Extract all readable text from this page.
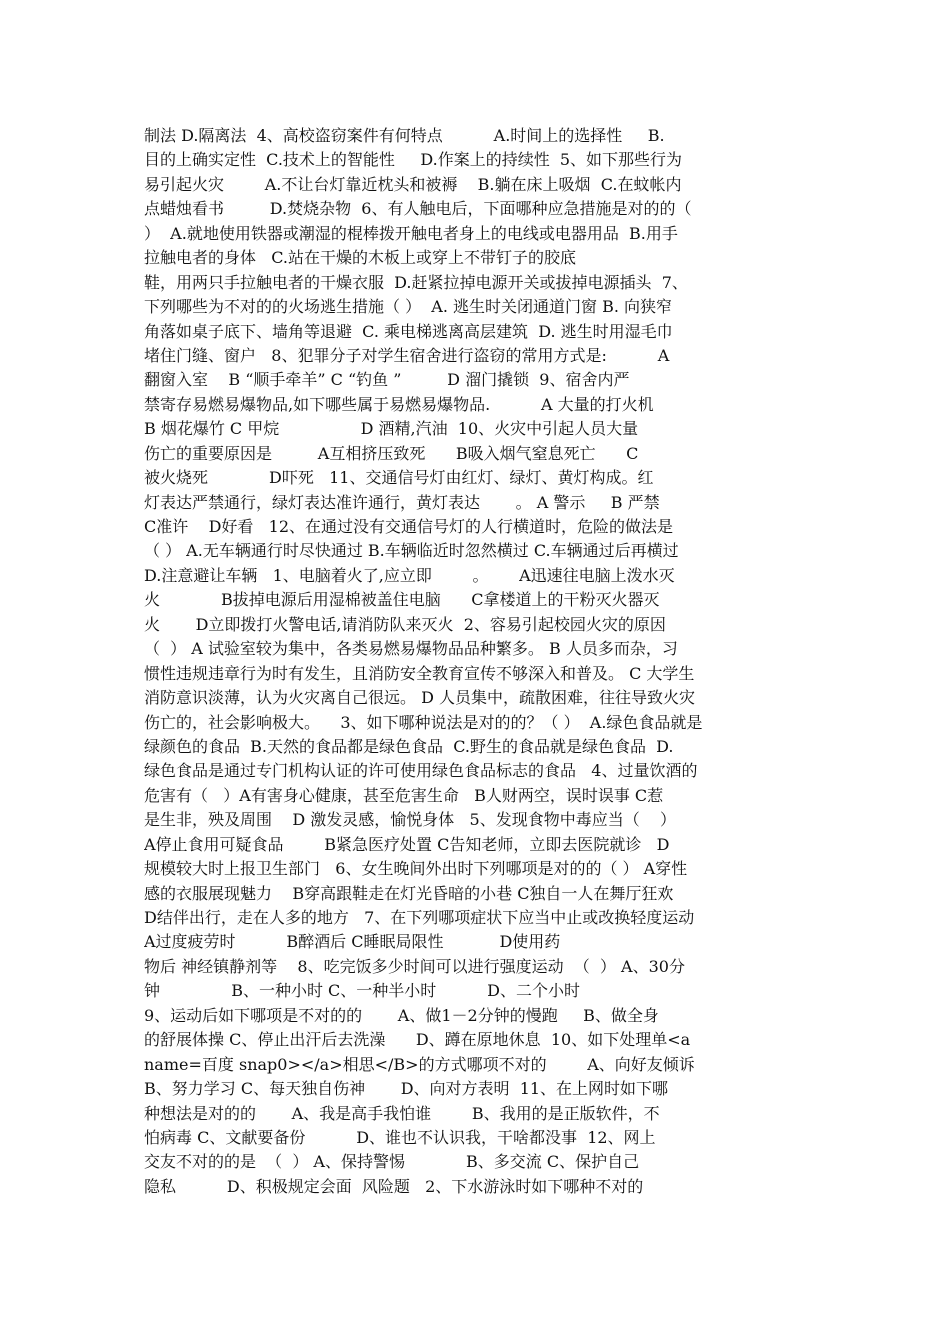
制法 D.隔离法  4、高校盗窃案件有何特点          A.时间上的选择性     B.
目的上确实定性  C.技术上的智能性     D.作案上的持续性  5、如下那些行为
易引起火灾        A.不让台灯靠近枕头和被褥    B.躺在床上吸烟  C.在蚊帐内
点蜡烛看书         D.焚烧杂物  6、有人触电后，下面哪种应急措施是对的的（
）  A.就地使用铁器或潮湿的棍棒拨开触电者身上的电线或电器用品  B.用手
拉触电者的身体   C.站在干燥的木板上或穿上不带钉子的胶底
鞋，用两只手拉触电者的干燥衣服  D.赶紧拉掉电源开关或拔掉电源插头  7、
下列哪些为不对的的火场逃生措施（ ）  A. 逃生时关闭通道门窗 B. 向狭窄
角落如桌子底下、墙角等退避  C. 乘电梯逃离高层建筑  D. 逃生时用湿毛巾
堵住门缝、窗户   8、犯罪分子对学生宿舍进行盗窃的常用方式是:          A
翻窗入室    B “顺手牵羊” C “钓鱼 ”         D 溜门撬锁  9、宿舍内严
禁寄存易燃易爆物品,如下哪些属于易燃易爆物品.          A 大量的打火机
B 烟花爆竹 C 甲烷                D 酒精,汽油  10、火灾中引起人员大量
伤亡的重要原因是         A互相挤压致死      B吸入烟气窒息死亡      C
被火烧死            D吓死   11、交通信号灯由红灯、绿灯、黄灯构成。红
灯表达严禁通行，绿灯表达准许通行，黄灯表达       。 A 警示     B 严禁
C准许    D好看   12、在通过没有交通信号灯的人行横道时，危险的做法是
（ ） A.无车辆通行时尽快通过 B.车辆临近时忽然横过 C.车辆通过后再横过
D.注意避让车辆   1、电脑着火了,应立即        。      A迅速往电脑上泼水灭
火            B拔掉电源后用湿棉被盖住电脑      C拿楼道上的干粉灭火器灭
火       D立即拨打火警电话,请消防队来灭火  2、容易引起校园火灾的原因
（  ） A 试验室较为集中，各类易燃易爆物品品种繁多。 B 人员多而杂，习
惯性违规违章行为时有发生，且消防安全教育宣传不够深入和普及。 C 大学生
消防意识淡薄，认为火灾离自己很远。 D 人员集中，疏散困难，往往导致火灾
伤亡的，社会影响极大。    3、如下哪种说法是对的的？（ ）  A.绿色食品就是
绿颜色的食品  B.天然的食品都是绿色食品  C.野生的食品就是绿色食品  D.
绿色食品是通过专门机构认证的许可使用绿色食品标志的食品   4、过量饮酒的
危害有（   ）A有害身心健康，甚至危害生命   B人财两空，误时误事 C惹
是生非，殃及周围    D 激发灵感，愉悦身体   5、发现食物中毒应当（    ）
A停止食用可疑食品        B紧急医疗处置 C告知老师，立即去医院就诊   D
规模较大时上报卫生部门   6、女生晚间外出时下列哪项是对的的（ ） A穿性
感的衣服展现魅力    B穿高跟鞋走在灯光昏暗的小巷 C独自一人在舞厅狂欢
D结伴出行，走在人多的地方   7、在下列哪项症状下应当中止或改换轻度运动
A过度疲劳时          B醉酒后 C睡眠局限性           D使用药
物后 神经镇静剂等    8、吃完饭多少时间可以进行强度运动  （  ） A、30分
钟              B、一种小时 C、一种半小时          D、二个小时
9、运动后如下哪项是不对的的       A、做1－2分钟的慢跑     B、做全身
的舒展体操 C、停止出汗后去洗澡      D、蹲在原地休息  10、如下处理单<a
name=百度 snap0></a>相思</B>的方式哪项不对的        A、向好友倾诉
B、努力学习 C、每天独自伤神       D、向对方表明  11、在上网时如下哪
种想法是对的的       A、我是高手我怕谁        B、我用的是正版软件，不
怕病毒 C、文献要备份          D、谁也不认识我，干啥都没事  12、网上
交友不对的的是  （  ） A、保持警惕            B、多交流 C、保护自己
隐私          D、积极规定会面  风险题   2、下水游泳时如下哪种不对的
